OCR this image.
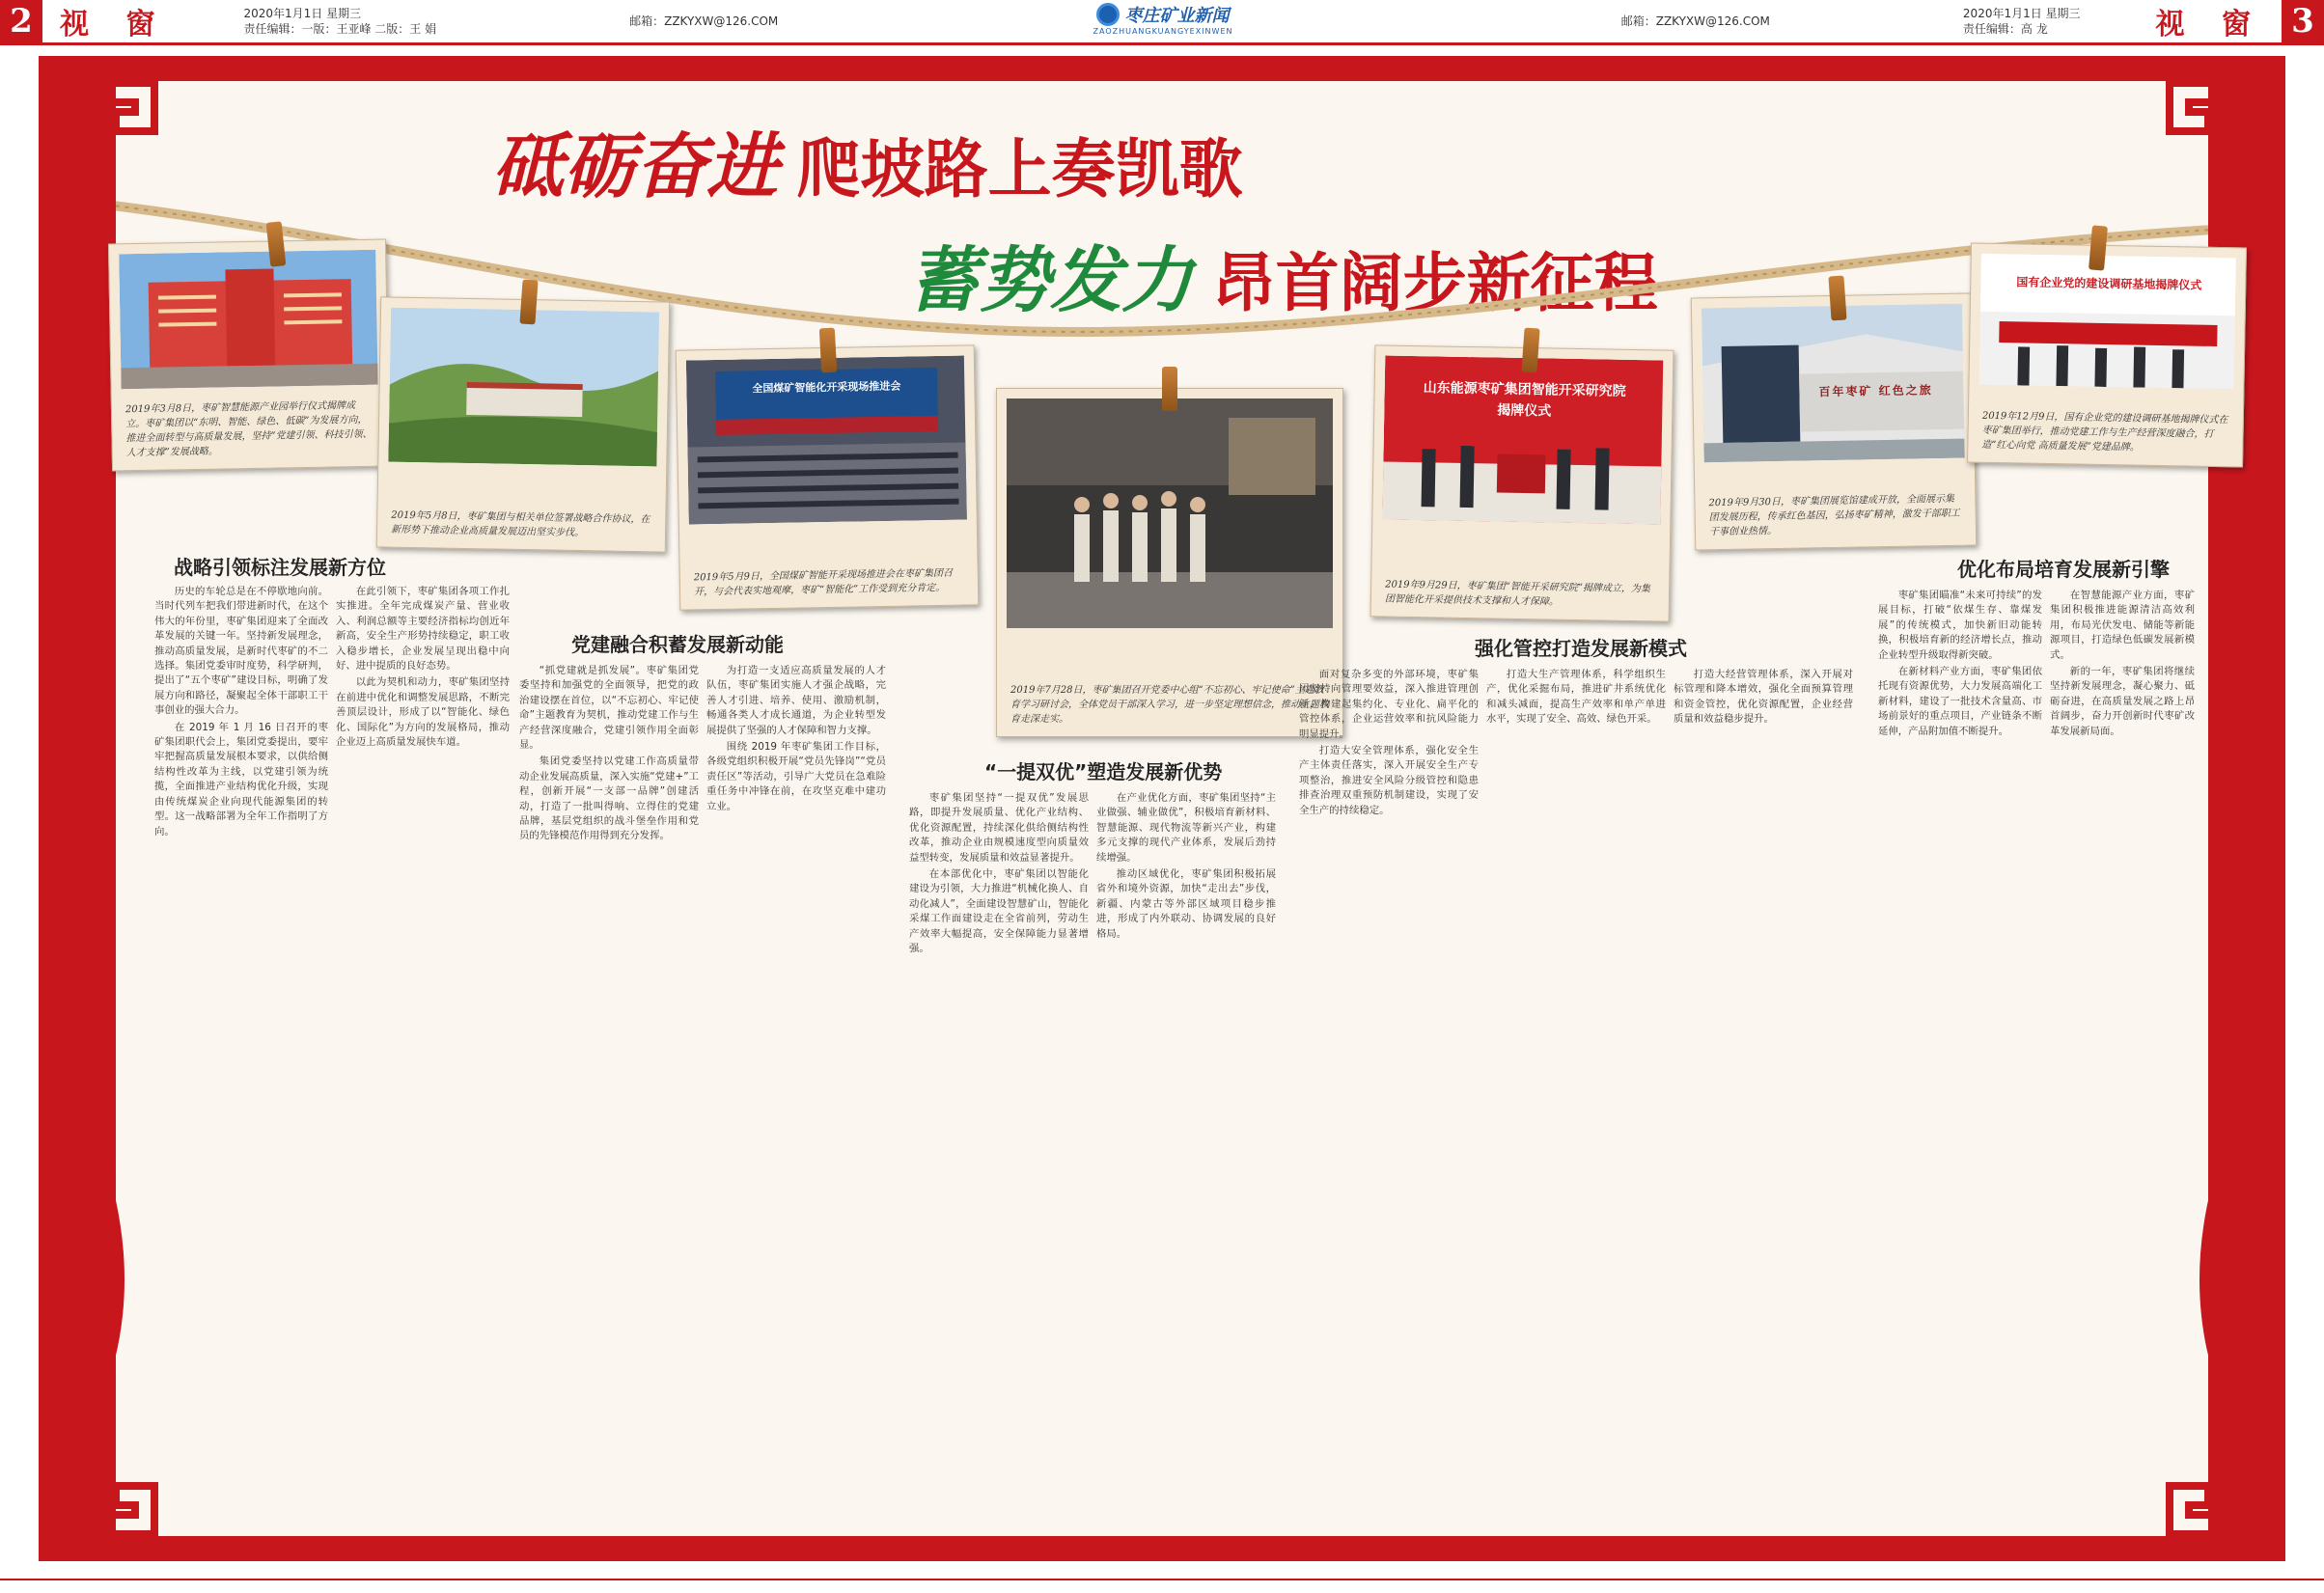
2 视 窗	2020年1月1日 星期三
责任编辑：一版：王亚峰 二版：王 娟
邮箱：ZZKYXW@126.COM	枣庄矿业新闻
ZAOZHUANGKUANGYEXINWEN
邮箱：ZZKYXW@126.COM
2020年1月1日 星期三
责任编辑：高 龙	视 窗 3
砥砺奋进 爬坡路上奏凯歌
蓄势发力 昂首阔步新征程
2019年3月8日，枣矿智慧能源产业园举行仪式揭牌成立。枣矿集团以“东明、智能、绿色、低碳”为发展方向，推进全面转型与高质量发展，坚持“党建引领、科技引领、人才支撑”发展战略。
2019年5月8日，枣矿集团与相关单位签署战略合作协议，在新形势下推动企业高质量发展迈出坚实步伐。
全国煤矿智能化开采现场推进会
2019年5月9日，全国煤矿智能开采现场推进会在枣矿集团召开，与会代表实地观摩，枣矿“智能化”工作受到充分肯定。
2019年7月28日，枣矿集团召开党委中心组“不忘初心、牢记使命”主题教育学习研讨会，全体党员干部深入学习，进一步坚定理想信念，推动主题教育走深走实。
山东能源枣矿集团智能开采研究院
揭牌仪式
2019年9月29日，枣矿集团“智能开采研究院”揭牌成立，为集团智能化开采提供技术支撑和人才保障。
百年枣矿 红色之旅
2019年9月30日，枣矿集团展览馆建成开放，全面展示集团发展历程，传承红色基因，弘扬枣矿精神，激发干部职工干事创业热情。
国有企业党的建设调研基地揭牌仪式
2019年12月9日，国有企业党的建设调研基地揭牌仪式在枣矿集团举行，推动党建工作与生产经营深度融合，打造“红心向党 高质量发展”党建品牌。
战略引领标注发展新方位

历史的车轮总是在不停歇地向前。当时代列车把我们带进新时代，在这个伟大的年份里，枣矿集团迎来了全面改革发展的关键一年。坚持新发展理念，推动高质量发展，是新时代枣矿的不二选择。集团党委审时度势，科学研判，提出了“五个枣矿”建设目标，明确了发展方向和路径，凝聚起全体干部职工干事创业的强大合力。

在 2019 年 1 月 16 日召开的枣矿集团职代会上，集团党委提出，要牢牢把握高质量发展根本要求，以供给侧结构性改革为主线，以党建引领为统揽，全面推进产业结构优化升级，实现由传统煤炭企业向现代能源集团的转型。这一战略部署为全年工作指明了方向。

在此引领下，枣矿集团各项工作扎实推进。全年完成煤炭产量、营业收入、利润总额等主要经济指标均创近年新高，安全生产形势持续稳定，职工收入稳步增长，企业发展呈现出稳中向好、进中提质的良好态势。

以此为契机和动力，枣矿集团坚持在前进中优化和调整发展思路，不断完善顶层设计，形成了以“智能化、绿色化、国际化”为方向的发展格局，推动企业迈上高质量发展快车道。

党建融合积蓄发展新动能

“抓党建就是抓发展”。枣矿集团党委坚持和加强党的全面领导，把党的政治建设摆在首位，以“不忘初心、牢记使命”主题教育为契机，推动党建工作与生产经营深度融合，党建引领作用全面彰显。

集团党委坚持以党建工作高质量带动企业发展高质量，深入实施“党建+”工程，创新开展“一支部一品牌”创建活动，打造了一批叫得响、立得住的党建品牌，基层党组织的战斗堡垒作用和党员的先锋模范作用得到充分发挥。

为打造一支适应高质量发展的人才队伍，枣矿集团实施人才强企战略，完善人才引进、培养、使用、激励机制，畅通各类人才成长通道，为企业转型发展提供了坚强的人才保障和智力支撑。

围绕 2019 年枣矿集团工作目标，各级党组织积极开展“党员先锋岗”“党员责任区”等活动，引导广大党员在急难险重任务中冲锋在前，在攻坚克难中建功立业。

“一提双优”塑造发展新优势

枣矿集团坚持“一提双优”发展思路，即提升发展质量、优化产业结构、优化资源配置，持续深化供给侧结构性改革，推动企业由规模速度型向质量效益型转变，发展质量和效益显著提升。

在本部优化中，枣矿集团以智能化建设为引领，大力推进“机械化换人、自动化减人”，全面建设智慧矿山，智能化采煤工作面建设走在全省前列，劳动生产效率大幅提高，安全保障能力显著增强。

在产业优化方面，枣矿集团坚持“主业做强、辅业做优”，积极培育新材料、智慧能源、现代物流等新兴产业，构建多元支撑的现代产业体系，发展后劲持续增强。

推动区域优化，枣矿集团积极拓展省外和境外资源，加快“走出去”步伐，新疆、内蒙古等外部区域项目稳步推进，形成了内外联动、协调发展的良好格局。

强化管控打造发展新模式

面对复杂多变的外部环境，枣矿集团坚持向管理要效益，深入推进管理创新，构建起集约化、专业化、扁平化的管控体系，企业运营效率和抗风险能力明显提升。

打造大安全管理体系，强化安全生产主体责任落实，深入开展安全生产专项整治，推进安全风险分级管控和隐患排查治理双重预防机制建设，实现了安全生产的持续稳定。

打造大生产管理体系，科学组织生产，优化采掘布局，推进矿井系统优化和减头减面，提高生产效率和单产单进水平，实现了安全、高效、绿色开采。

打造大经营管理体系，深入开展对标管理和降本增效，强化全面预算管理和资金管控，优化资源配置，企业经营质量和效益稳步提升。

优化布局培育发展新引擎

枣矿集团瞄准“未来可持续”的发展目标，打破“依煤生存、靠煤发展”的传统模式，加快新旧动能转换，积极培育新的经济增长点，推动企业转型升级取得新突破。

在新材料产业方面，枣矿集团依托现有资源优势，大力发展高端化工新材料，建设了一批技术含量高、市场前景好的重点项目，产业链条不断延伸，产品附加值不断提升。

在智慧能源产业方面，枣矿集团积极推进能源清洁高效利用，布局光伏发电、储能等新能源项目，打造绿色低碳发展新模式。

新的一年，枣矿集团将继续坚持新发展理念，凝心聚力、砥砺奋进，在高质量发展之路上昂首阔步，奋力开创新时代枣矿改革发展新局面。
